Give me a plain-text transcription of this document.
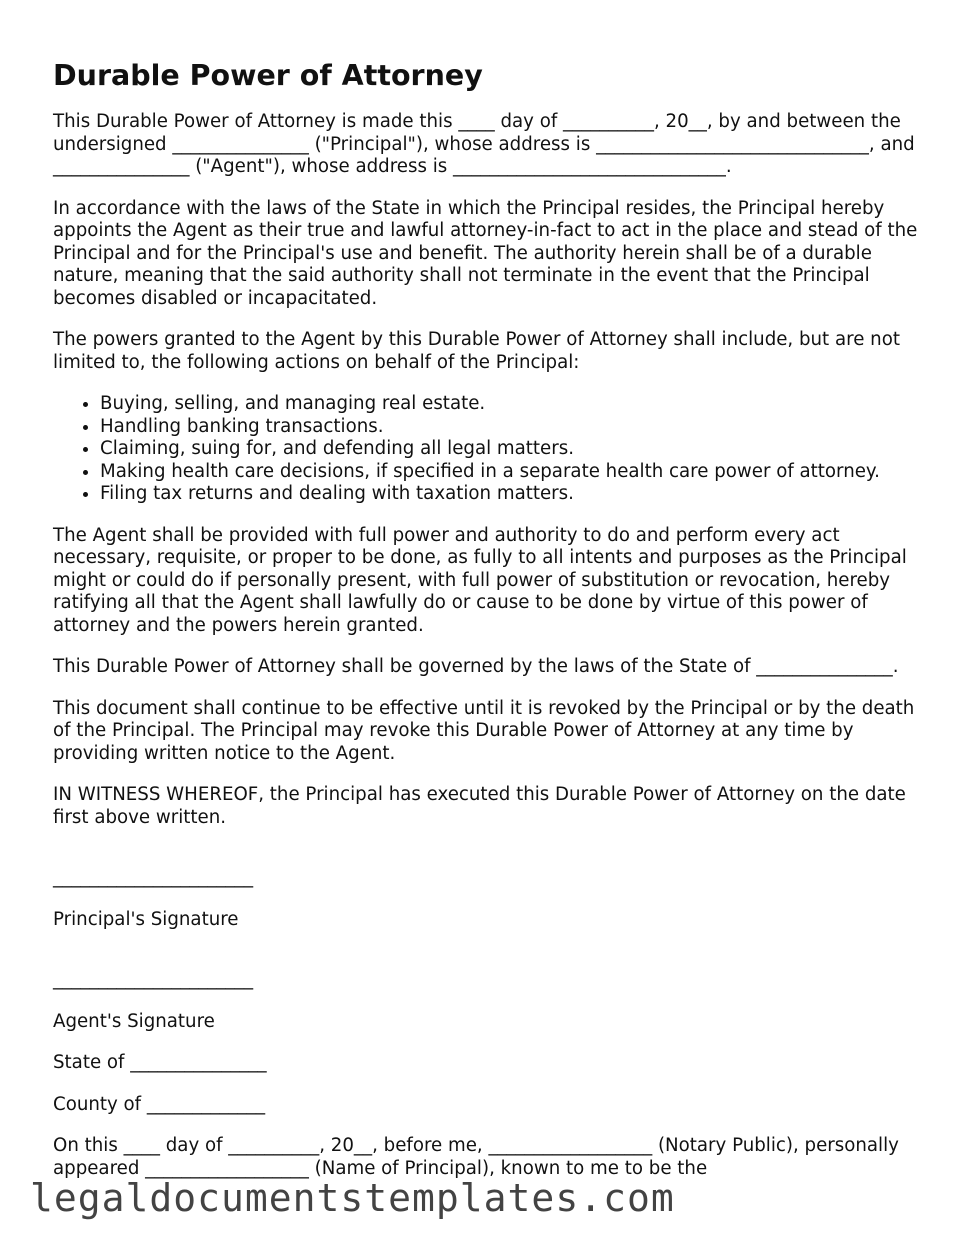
Durable Power of Attorney

This Durable Power of Attorney is made this ____ day of __________, 20__, by and between the undersigned _______________ ("Principal"), whose address is ______________________________, and _______________ ("Agent"), whose address is ______________________________.

In accordance with the laws of the State in which the Principal resides, the Principal hereby appoints the Agent as their true and lawful attorney-in-fact to act in the place and stead of the Principal and for the Principal's use and benefit. The authority herein shall be of a durable nature, meaning that the said authority shall not terminate in the event that the Principal becomes disabled or incapacitated.

The powers granted to the Agent by this Durable Power of Attorney shall include, but are not limited to, the following actions on behalf of the Principal:

• Buying, selling, and managing real estate.
• Handling banking transactions.
• Claiming, suing for, and defending all legal matters.
• Making health care decisions, if specified in a separate health care power of attorney.
• Filing tax returns and dealing with taxation matters.

The Agent shall be provided with full power and authority to do and perform every act necessary, requisite, or proper to be done, as fully to all intents and purposes as the Principal might or could do if personally present, with full power of substitution or revocation, hereby ratifying all that the Agent shall lawfully do or cause to be done by virtue of this power of attorney and the powers herein granted.

This Durable Power of Attorney shall be governed by the laws of the State of _______________.

This document shall continue to be effective until it is revoked by the Principal or by the death of the Principal. The Principal may revoke this Durable Power of Attorney at any time by providing written notice to the Agent.

IN WITNESS WHEREOF, the Principal has executed this Durable Power of Attorney on the date first above written.

______________________

Principal's Signature

______________________

Agent's Signature

State of _______________

County of _____________

On this ____ day of __________, 20__, before me, __________________ (Notary Public), personally appeared __________________ (Name of Principal), known to me to be the

legaldocumentstemplates.com
